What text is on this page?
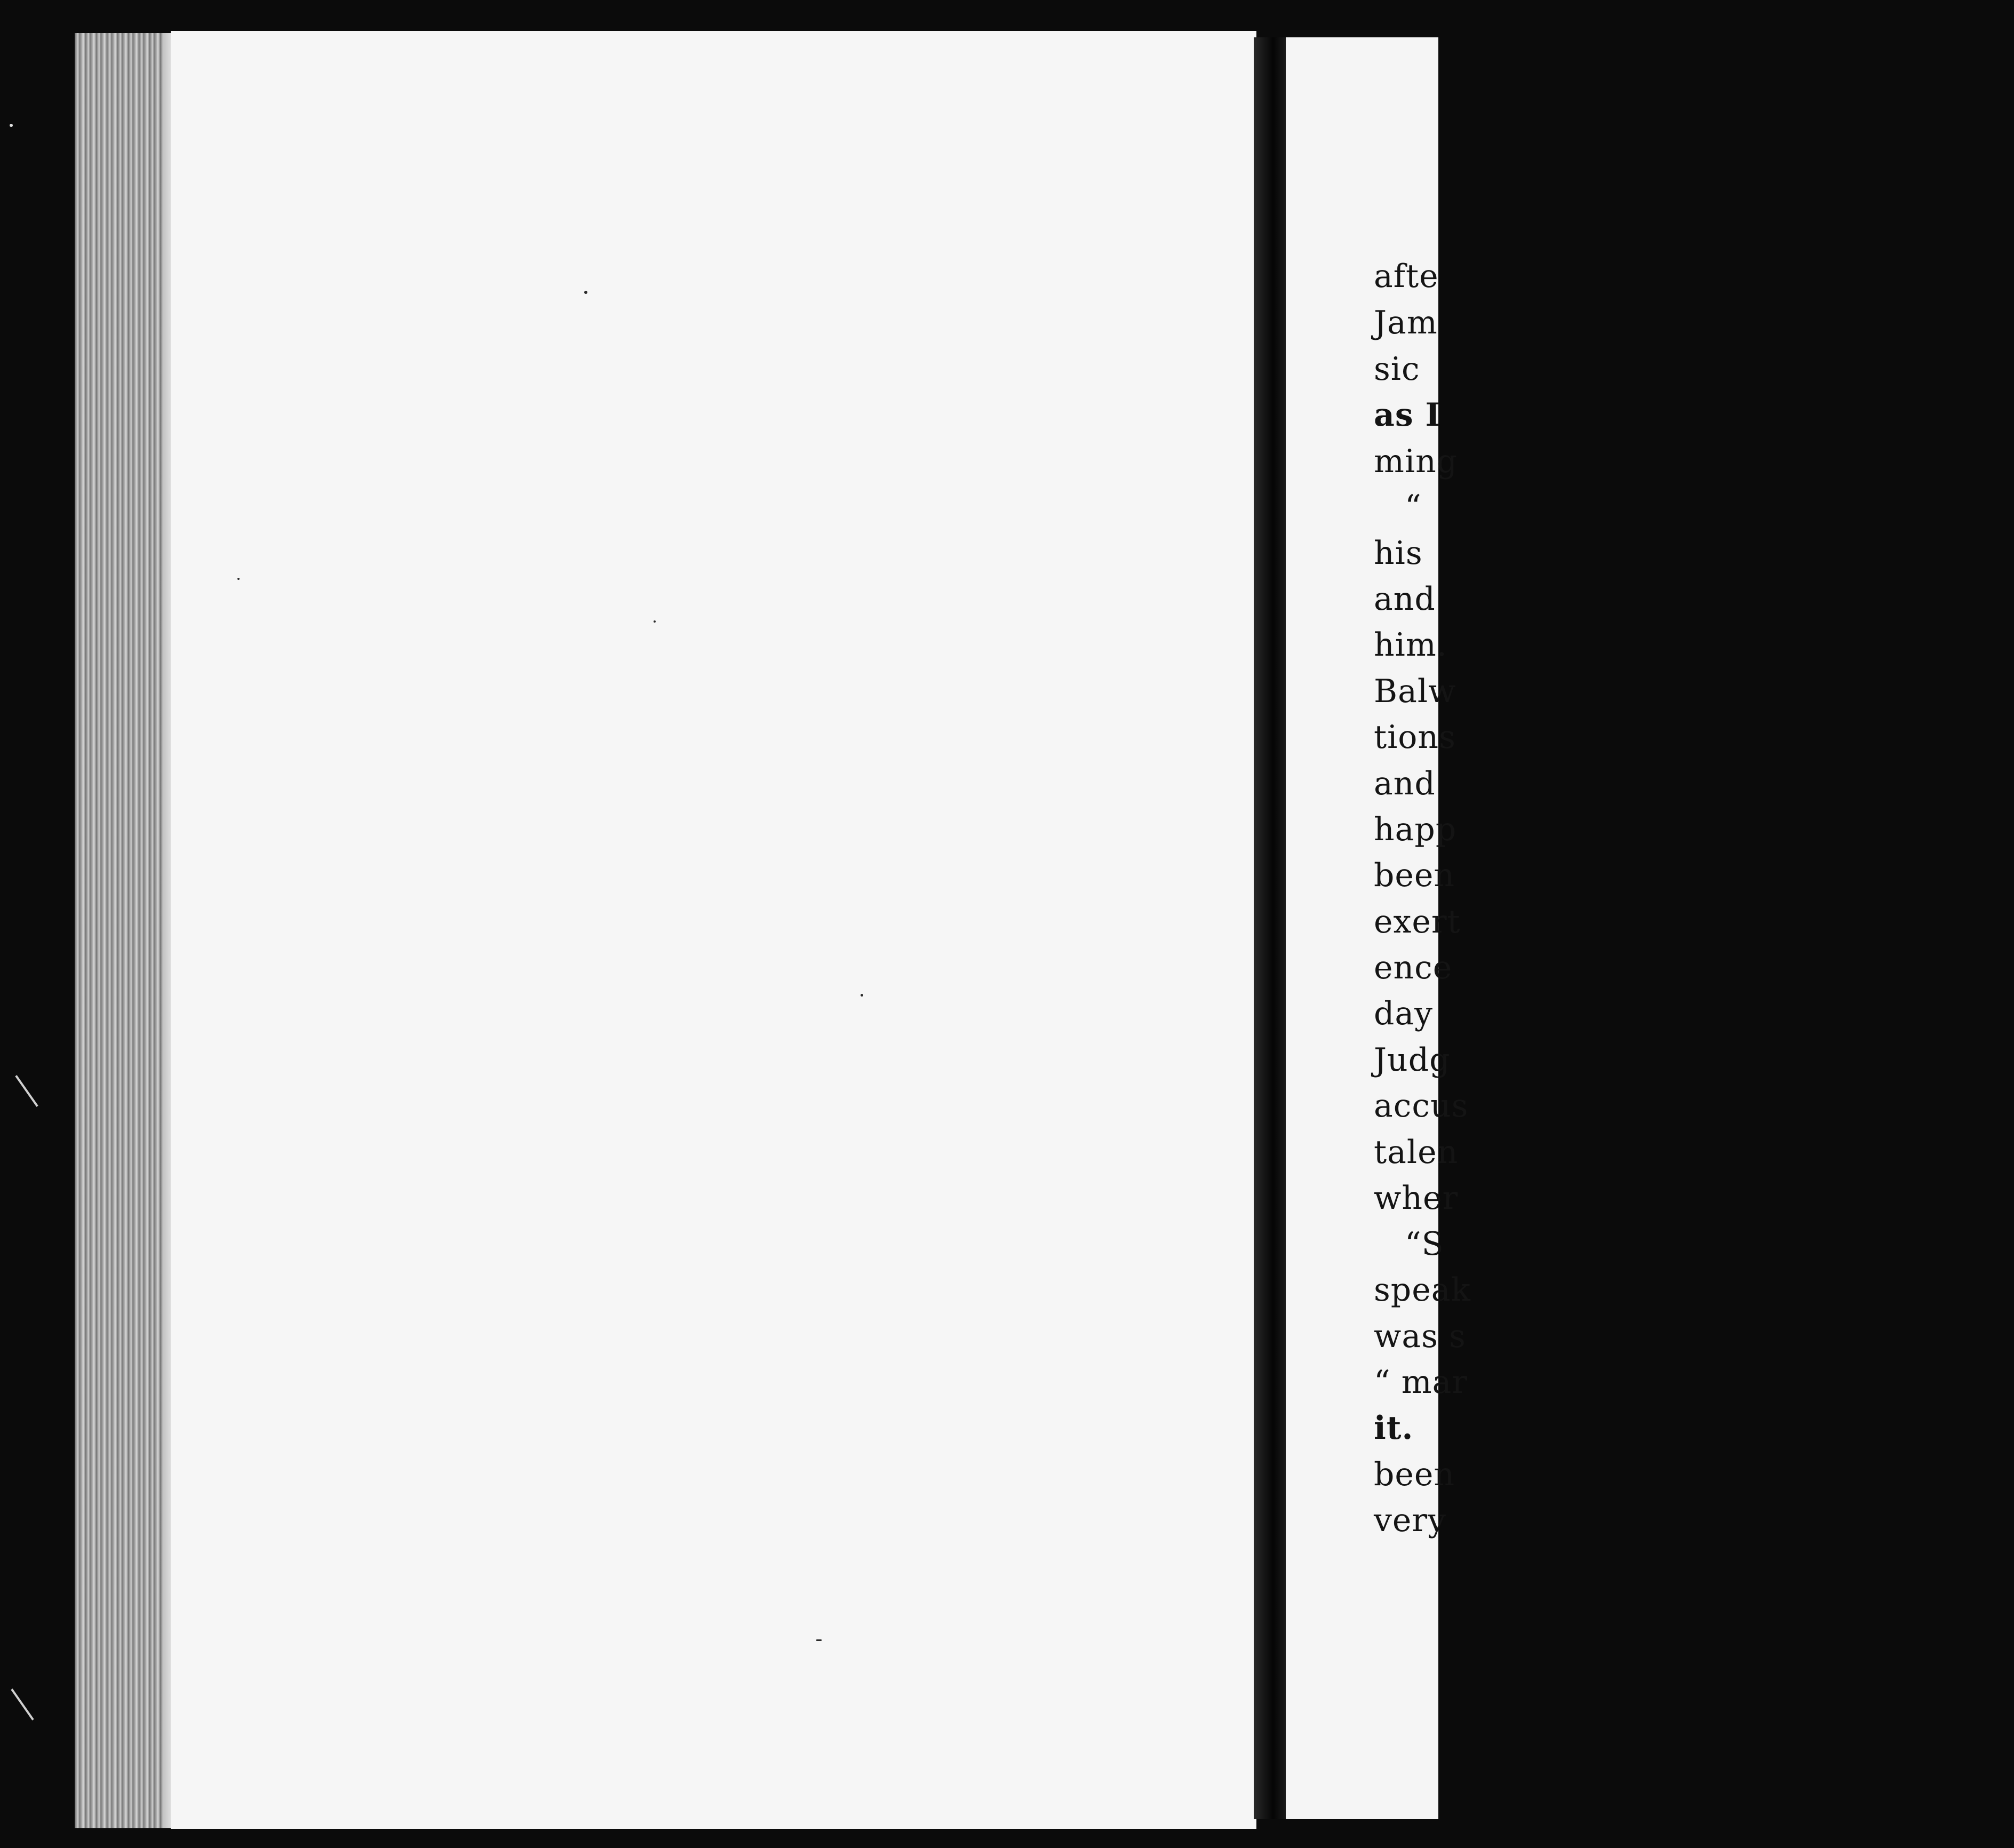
afte
Jam
sic
as I
ming
“
his
and
him.
Balw
tions
and
happ
been
exert
ence
day
Judg
accus
talen
wher
“S
speak
was s
“ mar
it.
been
very
